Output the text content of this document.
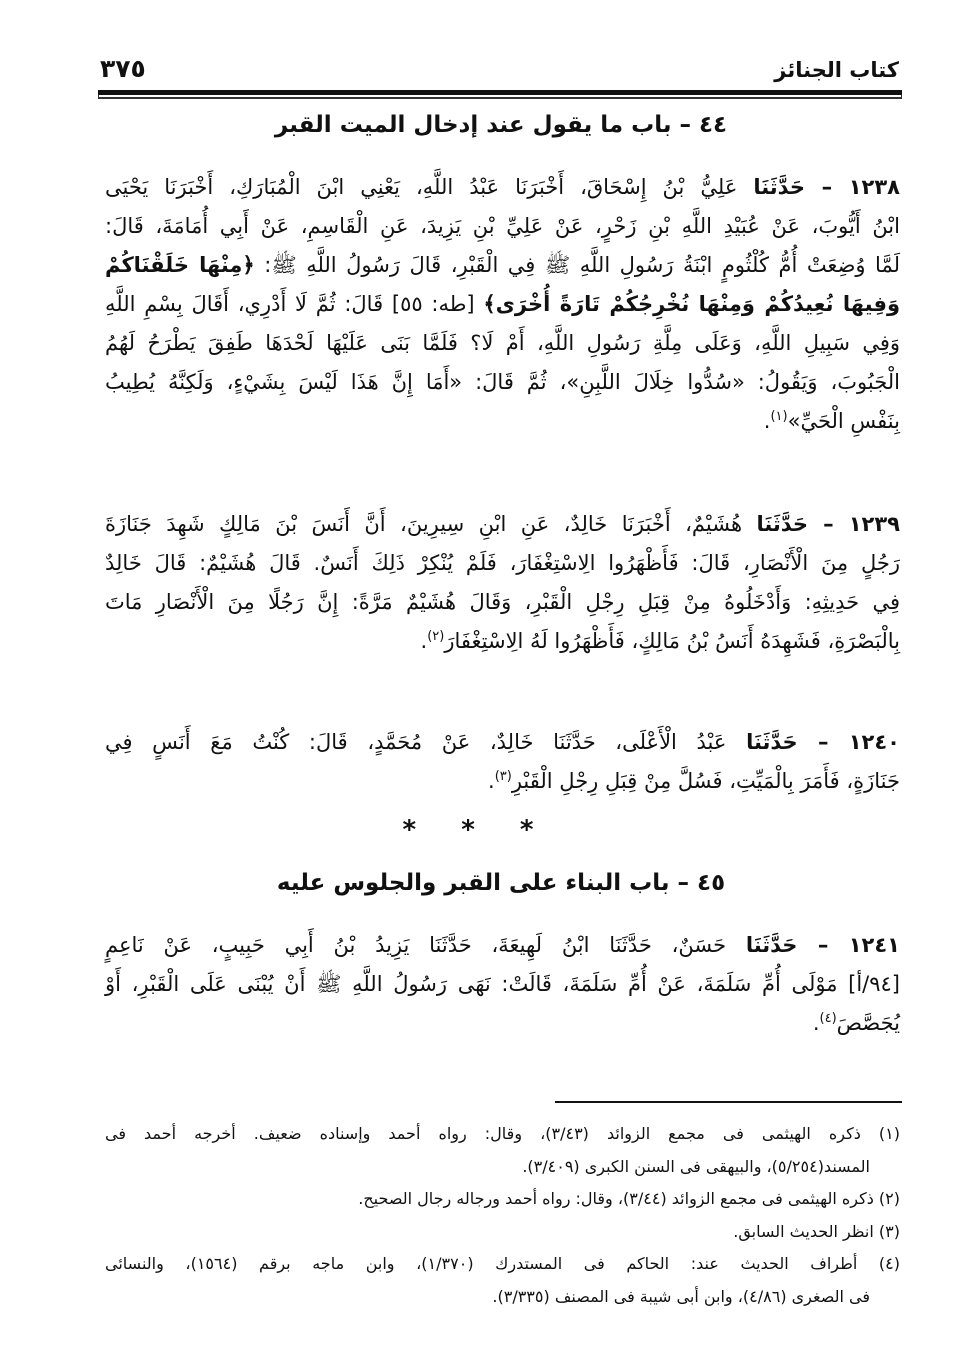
كتاب الجنائز
٣٧٥
٤٤ – باب ما يقول عند إدخال الميت القبر
١٢٣٨ – حَدَّثَنَا عَلِيُّ بْنُ إِسْحَاقَ، أَخْبَرَنَا عَبْدُ اللَّهِ، يَعْنِي ابْنَ الْمُبَارَكِ، أَخْبَرَنَا يَحْيَى
ابْنُ أَيُّوبَ، عَنْ عُبَيْدِ اللَّهِ بْنِ زَحْرٍ، عَنْ عَلِيِّ بْنِ يَزِيدَ، عَنِ الْقَاسِمِ، عَنْ أَبِي أُمَامَةَ، قَالَ:
لَمَّا وُضِعَتْ أُمُّ كُلْثُومٍ ابْنَةُ رَسُولِ اللَّهِ ﷺ فِي الْقَبْرِ، قَالَ رَسُولُ اللَّهِ ﷺ: ﴿مِنْهَا خَلَقْنَاكُمْ
وَفِيهَا نُعِيدُكُمْ وَمِنْهَا نُخْرِجُكُمْ تَارَةً أُخْرَى﴾ [طه: ٥٥] قَالَ: ثُمَّ لَا أَدْرِي، أَقَالَ بِسْمِ اللَّهِ
وَفِي سَبِيلِ اللَّهِ، وَعَلَى مِلَّةِ رَسُولِ اللَّهِ، أَمْ لَا؟ فَلَمَّا بَنَى عَلَيْهَا لَحْدَهَا طَفِقَ يَطْرَحُ لَهُمُ
الْجَبُوبَ، وَيَقُولُ: «سُدُّوا خِلَالَ اللَّبِنِ»، ثُمَّ قَالَ: «أَمَا إِنَّ هَذَا لَيْسَ بِشَيْءٍ، وَلَكِنَّهُ يُطِيبُ
بِنَفْسِ الْحَيِّ»$^{(١)}$.
١٢٣٩ – حَدَّثَنَا هُشَيْمٌ، أَخْبَرَنَا خَالِدٌ، عَنِ ابْنِ سِيرِينَ، أَنَّ أَنَسَ بْنَ مَالِكٍ شَهِدَ جَنَازَةَ
رَجُلٍ مِنَ الْأَنْصَارِ، قَالَ: فَأَظْهَرُوا الِاسْتِغْفَارَ، فَلَمْ يُنْكِرْ ذَلِكَ أَنَسٌ. قَالَ هُشَيْمٌ: قَالَ خَالِدٌ
فِي حَدِيثِهِ: وَأَدْخَلُوهُ مِنْ قِبَلِ رِجْلِ الْقَبْرِ، وَقَالَ هُشَيْمٌ مَرَّةً: إِنَّ رَجُلًا مِنَ الْأَنْصَارِ مَاتَ
بِالْبَصْرَةِ، فَشَهِدَهُ أَنَسُ بْنُ مَالِكٍ، فَأَظْهَرُوا لَهُ الِاسْتِغْفَارَ$^{(٢)}$.
١٢٤٠ – حَدَّثَنَا عَبْدُ الْأَعْلَى، حَدَّثَنَا خَالِدٌ، عَنْ مُحَمَّدٍ، قَالَ: كُنْتُ مَعَ أَنَسٍ فِي
جَنَازَةٍ، فَأَمَرَ بِالْمَيِّتِ، فَسُلَّ مِنْ قِبَلِ رِجْلِ الْقَبْرِ$^{(٣)}$.
* * *
٤٥ – باب البناء على القبر والجلوس عليه
١٢٤١ – حَدَّثَنَا حَسَنٌ، حَدَّثَنَا ابْنُ لَهِيعَةَ، حَدَّثَنَا يَزِيدُ بْنُ أَبِي حَبِيبٍ، عَنْ نَاعِمٍ
[٩٤/أ] مَوْلَى أُمِّ سَلَمَةَ، عَنْ أُمِّ سَلَمَةَ، قَالَتْ: نَهَى رَسُولُ اللَّهِ ﷺ أَنْ يُبْنَى عَلَى الْقَبْرِ، أَوْ
يُجَصَّصَ$^{(٤)}$.
(١) ذكره الهيثمى فى مجمع الزوائد (٣/٤٣)، وقال: رواه أحمد وإسناده ضعيف. أخرجه أحمد فى
المسند(٥/٢٥٤)، والبيهقى فى السنن الكبرى (٣/٤٠٩).
(٢) ذكره الهيثمى فى مجمع الزوائد (٣/٤٤)، وقال: رواه أحمد ورجاله رجال الصحيح.
(٣) انظر الحديث السابق.
(٤) أطراف الحديث عند: الحاكم فى المستدرك (١/٣٧٠)، وابن ماجه برقم (١٥٦٤)، والنسائى
فى الصغرى (٤/٨٦)، وابن أبى شيبة فى المصنف (٣/٣٣٥).
